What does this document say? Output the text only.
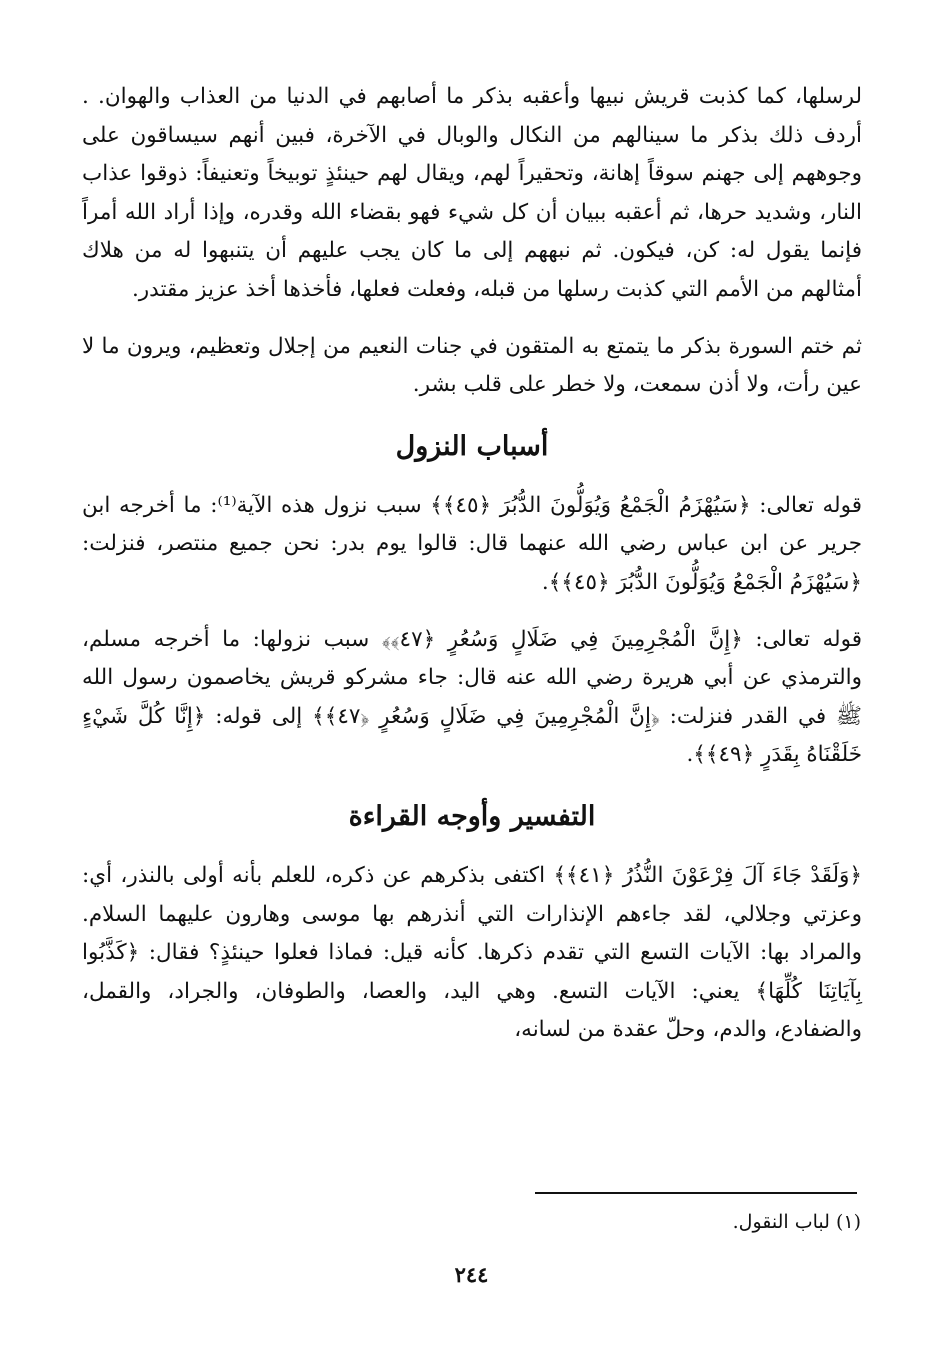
لرسلها، كما كذبت قريش نبيها وأعقبه بذكر ما أصابهم في الدنيا من العذاب والهوان. . أردف ذلك بذكر ما سينالهم من النكال والوبال في الآخرة، فبين أنهم سيساقون على وجوههم إلى جهنم سوقاً إهانة، وتحقيراً لهم، ويقال لهم حينئذٍ توبيخاً وتعنيفاً: ذوقوا عذاب النار، وشديد حرها، ثم أعقبه ببيان أن كل شيء فهو بقضاء الله وقدره، وإذا أراد الله أمراً فإنما يقول له: كن، فيكون. ثم نبههم إلى ما كان يجب عليهم أن يتنبهوا له من هلاك أمثالهم من الأمم التي كذبت رسلها من قبله، وفعلت فعلها، فأخذها أخذ عزيز مقتدر.

ثم ختم السورة بذكر ما يتمتع به المتقون في جنات النعيم من إجلال وتعظيم، ويرون ما لا عين رأت، ولا أذن سمعت، ولا خطر على قلب بشر.

أسباب النزول

قوله تعالى: ﴿سَيُهْزَمُ الْجَمْعُ وَيُوَلُّونَ الدُّبُرَ ﴿٤٥﴾﴾ سبب نزول هذه الآية⁽¹⁾: ما أخرجه ابن جرير عن ابن عباس رضي الله عنهما قال: قالوا يوم بدر: نحن جميع منتصر، فنزلت: ﴿سَيُهْزَمُ الْجَمْعُ وَيُوَلُّونَ الدُّبُرَ ﴿٤٥﴾﴾.

قوله تعالى: ﴿إِنَّ الْمُجْرِمِينَ فِي ضَلَالٍ وَسُعُرٍ ﴿٤٧﴾﴾ سبب نزولها: ما أخرجه مسلم، والترمذي عن أبي هريرة رضي الله عنه قال: جاء مشركو قريش يخاصمون رسول الله ﷺ في القدر فنزلت: ﴿إِنَّ الْمُجْرِمِينَ فِي ضَلَالٍ وَسُعُرٍ ﴿٤٧﴾﴾ إلى قوله: ﴿إِنَّا كُلَّ شَيْءٍ خَلَقْنَاهُ بِقَدَرٍ ﴿٤٩﴾﴾.

التفسير وأوجه القراءة

﴿وَلَقَدْ جَاءَ آلَ فِرْعَوْنَ النُّذُرُ ﴿٤١﴾﴾ اكتفى بذكرهم عن ذكره، للعلم بأنه أولى بالنذر، أي: وعزتي وجلالي، لقد جاءهم الإنذارات التي أنذرهم بها موسى وهارون عليهما السلام. والمراد بها: الآيات التسع التي تقدم ذكرها. كأنه قيل: فماذا فعلوا حينئذٍ؟ فقال: ﴿كَذَّبُوا بِآيَاتِنَا كُلِّهَا﴾ يعني: الآيات التسع. وهي اليد، والعصا، والطوفان، والجراد، والقمل، والضفادع، والدم، وحلّ عقدة من لسانه،

(١) لباب النقول.
٢٤٤
